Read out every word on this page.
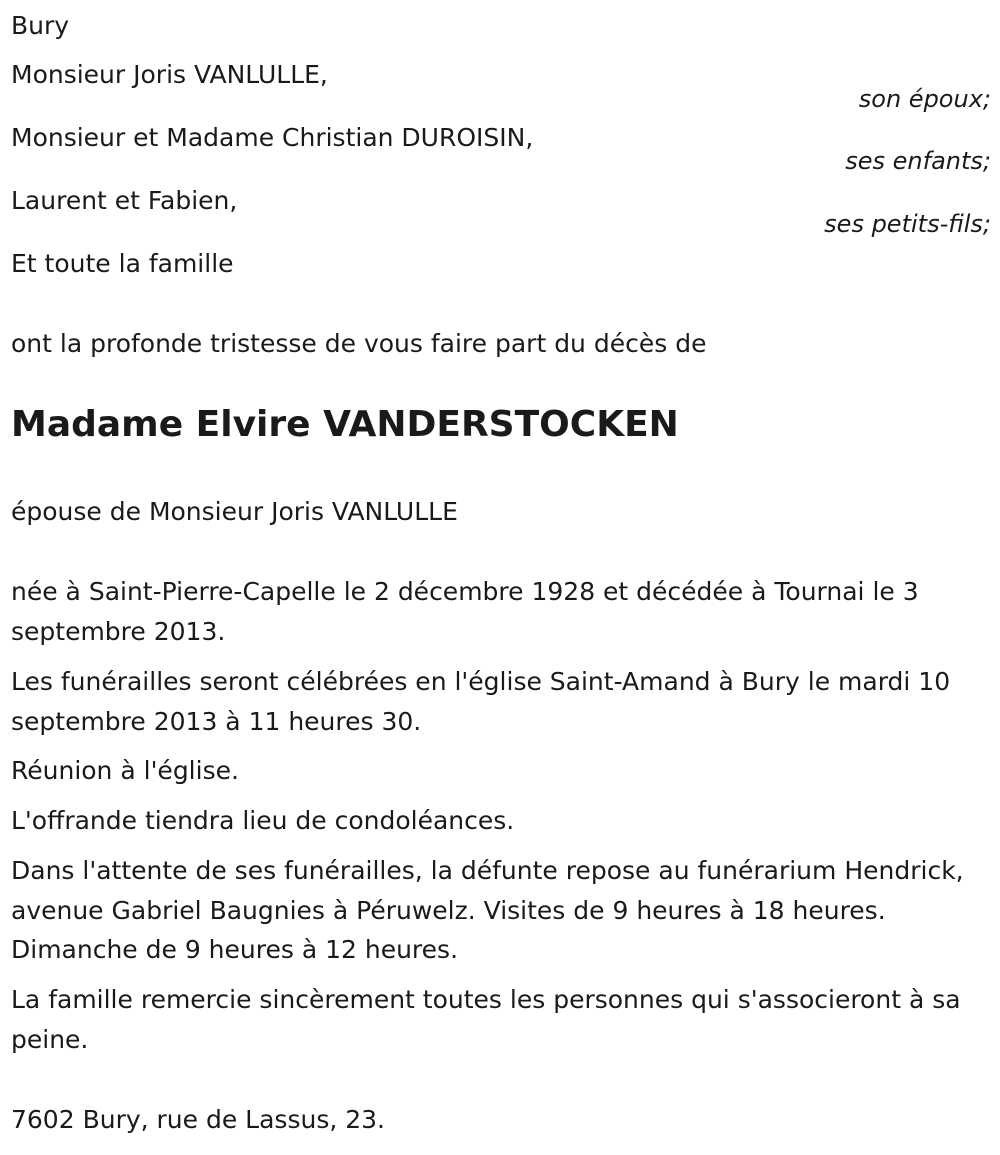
Bury
Monsieur Joris VANLULLE,
son époux;
Monsieur et Madame Christian DUROISIN,
ses enfants;
Laurent et Fabien,
ses petits-fils;
Et toute la famille
ont la profonde tristesse de vous faire part du décès de
Madame Elvire VANDERSTOCKEN
épouse de Monsieur Joris VANLULLE
née à Saint-Pierre-Capelle le 2 décembre 1928 et décédée à Tournai le 3 septembre 2013.
Les funérailles seront célébrées en l'église Saint-Amand à Bury le mardi 10 septembre 2013 à 11 heures 30.
Réunion à l'église.
L'offrande tiendra lieu de condoléances.
Dans l'attente de ses funérailles, la défunte repose au funérarium Hendrick, avenue Gabriel Baugnies à Péruwelz. Visites de 9 heures à 18 heures. Dimanche de 9 heures à 12 heures.
La famille remercie sincèrement toutes les personnes qui s'associeront à sa peine.
7602 Bury, rue de Lassus, 23.
